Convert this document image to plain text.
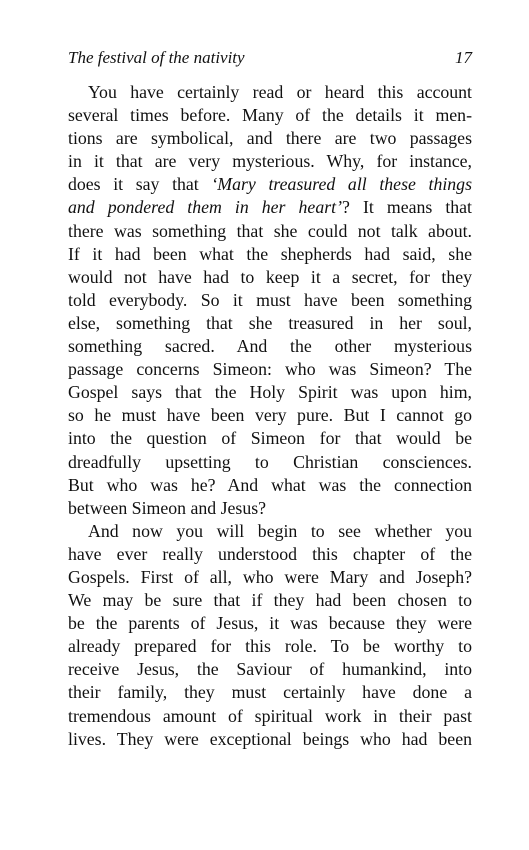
The festival of the nativity	17
You have certainly read or heard this account
several times before. Many of the details it men-
tions are symbolical, and there are two passages
in it that are very mysterious. Why, for instance,
does it say that ‘Mary treasured all these things
and pondered them in her heart’? It means that
there was something that she could not talk about.
If it had been what the shepherds had said, she
would not have had to keep it a secret, for they
told everybody. So it must have been something
else, something that she treasured in her soul,
something sacred. And the other mysterious
passage concerns Simeon: who was Simeon? The
Gospel says that the Holy Spirit was upon him,
so he must have been very pure. But I cannot go
into the question of Simeon for that would be
dreadfully upsetting to Christian consciences.
But who was he? And what was the connection
between Simeon and Jesus?
And now you will begin to see whether you
have ever really understood this chapter of the
Gospels. First of all, who were Mary and Joseph?
We may be sure that if they had been chosen to
be the parents of Jesus, it was because they were
already prepared for this role. To be worthy to
receive Jesus, the Saviour of humankind, into
their family, they must certainly have done a
tremendous amount of spiritual work in their past
lives. They were exceptional beings who had been
